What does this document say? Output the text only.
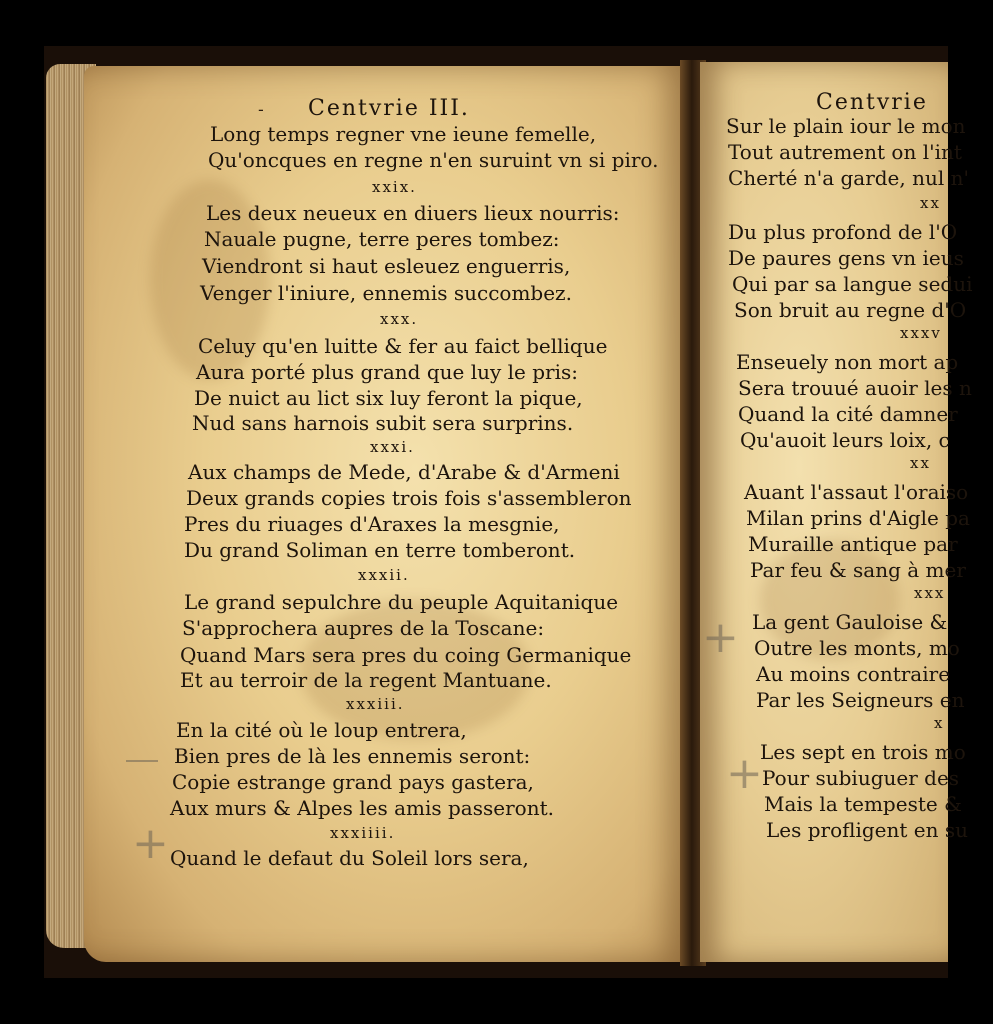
Centvrie III.
-
Long temps regner vne ieune femelle,
Qu'oncques en regne n'en suruint vn si piro.
xxix.
Les deux neueux en diuers lieux nourris:
Nauale pugne, terre peres tombez:
Viendront si haut esleuez enguerris,
Venger l'iniure, ennemis succombez.
xxx.
Celuy qu'en luitte & fer au faict bellique
Aura porté plus grand que luy le pris:
De nuict au lict six luy feront la pique,
Nud sans harnois subit sera surprins.
xxxi.
Aux champs de Mede, d'Arabe & d'Armeni
Deux grands copies trois fois s'assembleron
Pres du riuages d'Araxes la mesgnie,
Du grand Soliman en terre tomberont.
xxxii.
Le grand sepulchre du peuple Aquitanique
S'approchera aupres de la Toscane:
Quand Mars sera pres du coing Germanique
Et au terroir de la regent Mantuane.
xxxiii.
En la cité où le loup entrera,
Bien pres de là les ennemis seront:
Copie estrange grand pays gastera,
Aux murs & Alpes les amis passeront.
xxxiiii.
Quand le defaut du Soleil lors sera,
+
+
+
Centvrie
Sur le plain iour le mon
Tout autrement on l'int
Cherté n'a garde, nul n'
xx
Du plus profond de l'O
De paures gens vn ieus
Qui par sa langue sedui
Son bruit au regne d'O
xxxv
Enseuely non mort ap
Sera trouué auoir les n
Quand la cité damner
Qu'auoit leurs loix, c
xx
Auant l'assaut l'oraiso
Milan prins d'Aigle pa
Muraille antique par
Par feu & sang à mer
xxx
La gent Gauloise &
Outre les monts, mo
Au moins contraire
Par les Seigneurs en
x
Les sept en trois mo
Pour subiuguer des
Mais la tempeste &
Les profligent en su
